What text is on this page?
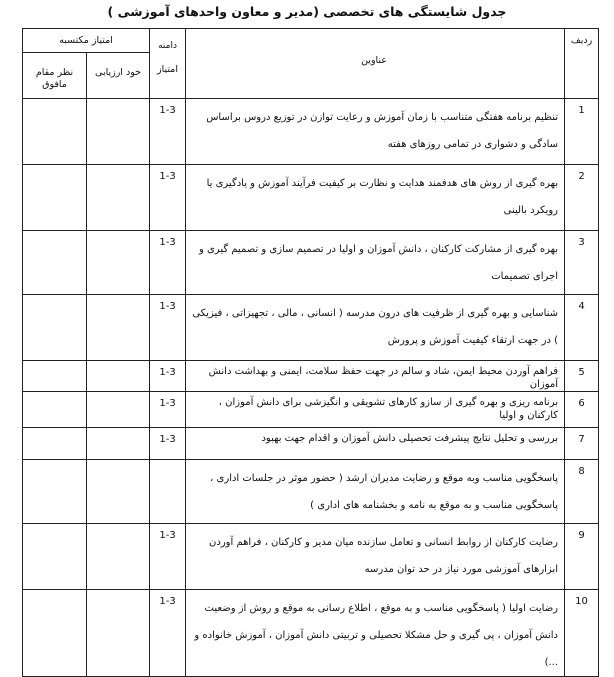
جدول شایستگی های تخصصی (مدیر و معاون واحدهای آموزشی )
ردیف	عناوین	دامنه
امتیاز	امتیاز مکتسبه	
			خود ارزیابی	نظر مقام مافوق
1	تنظیم برنامه هفتگی متناسب با زمان آموزش و رعایت توازن در توزیع دروس براساس سادگی و دشواری در تمامی روزهای هفته	1-3		
2	بهره گیری از روش های هدفمند هدایت و نظارت بر کیفیت فرآیند آموزش و یادگیری یا رویکرد بالینی	1-3		
3	بهره گیری از مشارکت کارکنان ، دانش آموزان و اولیا در تصمیم سازی و تصمیم گیری و اجرای تصمیمات	1-3		
4	شناسایی و بهره گیری از ظرفیت های درون مدرسه ( انسانی ، مالی ، تجهیزاتی ، فیزیکی ) در جهت ارتقاء کیفیت آموزش و پرورش	1-3		
5	فراهم آوردن محیط ایمن، شاد و سالم در جهت حفظ سلامت، ایمنی و بهداشت دانش آموزان	1-3		
6	برنامه ریزی و بهره گیری از سازو کارهای تشویقی و انگیزشی برای دانش آموزان ، کارکنان و اولیا	1-3		
7	بررسی و تحلیل نتایج پیشرفت تحصیلی دانش آموزان و اقدام جهت بهبود	1-3		
8	پاسخگویی مناسب وبه موقع و رضایت مدیران ارشد ( حضور موثر در جلسات اداری ، پاسخگویی مناسب و به موقع به نامه و بخشنامه های اداری )			

9	رضایت کارکنان از روابط انسانی و تعامل سازنده میان مدیر و کارکنان ، فراهم آوردن ابزارهای آموزشی مورد نیاز در حد توان مدرسه	1-3		
10	رضایت اولیا ( پاسخگویی مناسب و به موقع ، اطلاع رسانی به موقع و روش از وضعیت دانش آموزان ، پی گیری و حل مشکلا تحصیلی و تربیتی دانش آموزان ، آموزش خانواده و ...)	1-3		
